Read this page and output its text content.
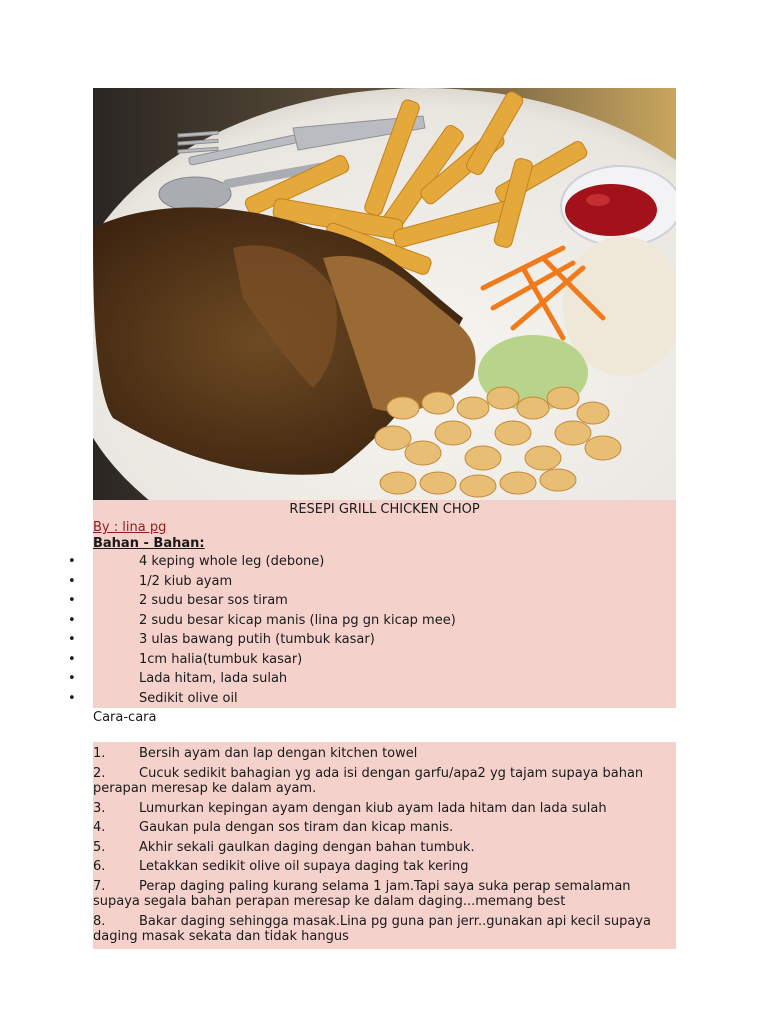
RESEPI GRILL CHICKEN CHOP
By : lina pg
Bahan - Bahan:
•	4 keping whole leg (debone)
•	1/2 kiub ayam
•	2 sudu besar sos tiram
•	2 sudu besar kicap manis (lina pg gn kicap mee)
•	3 ulas bawang putih (tumbuk kasar)
•	1cm halia(tumbuk kasar)
•	Lada hitam, lada sulah
•	Sedikit olive oil
Cara-cara
1.	Bersih ayam dan lap dengan kitchen towel
2.	Cucuk sedikit bahagian yg ada isi dengan garfu/apa2 yg tajam supaya bahan perapan meresap ke dalam ayam.
3.	Lumurkan kepingan ayam dengan kiub ayam lada hitam dan lada sulah
4.	Gaukan pula dengan sos tiram dan kicap manis.
5.	Akhir sekali gaulkan daging dengan bahan tumbuk.
6.	Letakkan sedikit olive oil supaya daging tak kering
7.	Perap daging paling kurang selama 1 jam.Tapi saya suka perap semalaman supaya segala bahan perapan meresap ke dalam daging...memang best
8.	Bakar daging sehingga masak.Lina pg guna pan jerr..gunakan api kecil supaya daging masak sekata dan tidak hangus
